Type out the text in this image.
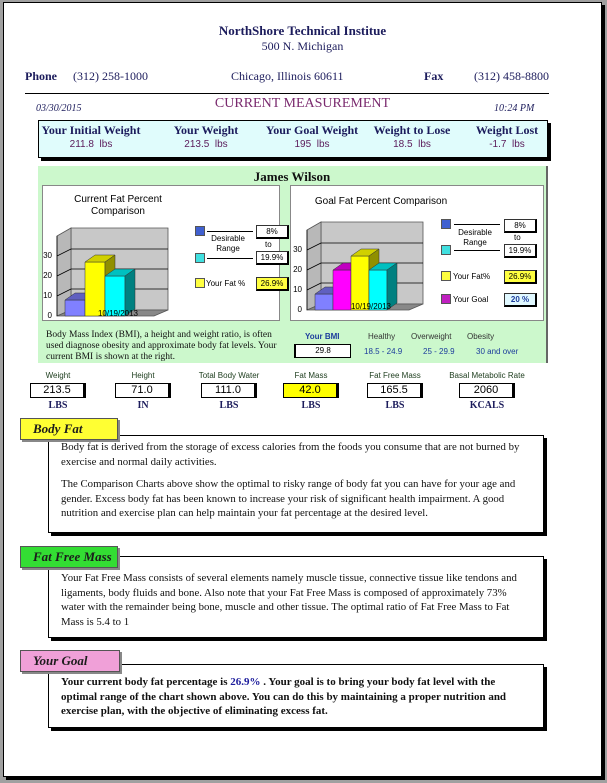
NorthShore Technical Institue
500 N. Michigan
Phone (312) 258-1000	Chicago, Illinois 60611	Fax	(312) 458-8800
03/30/2015	CURRENT MEASUREMENT	10:24 PM
Your Initial Weight
211.8 lbs
Your Weight
213.5 lbs
Your Goal Weight
195 lbs
Weight to Lose
18.5 lbs
Weight Lost
-1.7 lbs
James Wilson
Current Fat Percent
Comparison
0
10
20
30
10/19/2013
Desirable
Range
8%
to
19.9%
Your Fat %	26.9%
Goal Fat Percent Comparison
0
10
20
30
10/19/2013
Desirable
Range
8%
to
19.9%
Your Fat%	26.9%
Your Goal	20 %
Body Mass Index (BMI), a height and weight ratio, is often used diagnose obesity and approximate body fat levels. Your current BMI is shown at the right.
Your BMI
29.8
Healthy
18.5 - 24.9
Overweight
25 - 29.9
Obesity
30 and over
Weight
213.5
LBS
Height
71.0
IN
Total Body Water
111.0
LBS
Fat Mass
42.0
LBS
Fat Free Mass
165.5
LBS
Basal Metabolic Rate
2060
KCALS
Body fat is derived from the storage of excess calories from the foods you consume that are not burned by exercise and normal daily activities.
The Comparison Charts above show the optimal to risky range of body fat you can have for your age and gender. Excess body fat has been known to increase your risk of significant health impairment. A good nutrition and exercise plan can help maintain your fat percentage at the desired level.
Body Fat
Your Fat Free Mass consists of several elements namely muscle tissue, connective tissue like tendons and ligaments, body fluids and bone. Also note that your Fat Free Mass is composed of approximately 73% water with the remainder being bone, muscle and other tissue. The optimal ratio of Fat Free Mass to Fat Mass is 5.4 to 1
Fat Free Mass
Your current body fat percentage is 26.9% . Your goal is to bring your body fat level with the optimal range of the chart shown above. You can do this by maintaining a proper nutrition and exercise plan, with the objective of eliminating excess fat.
Your Goal
